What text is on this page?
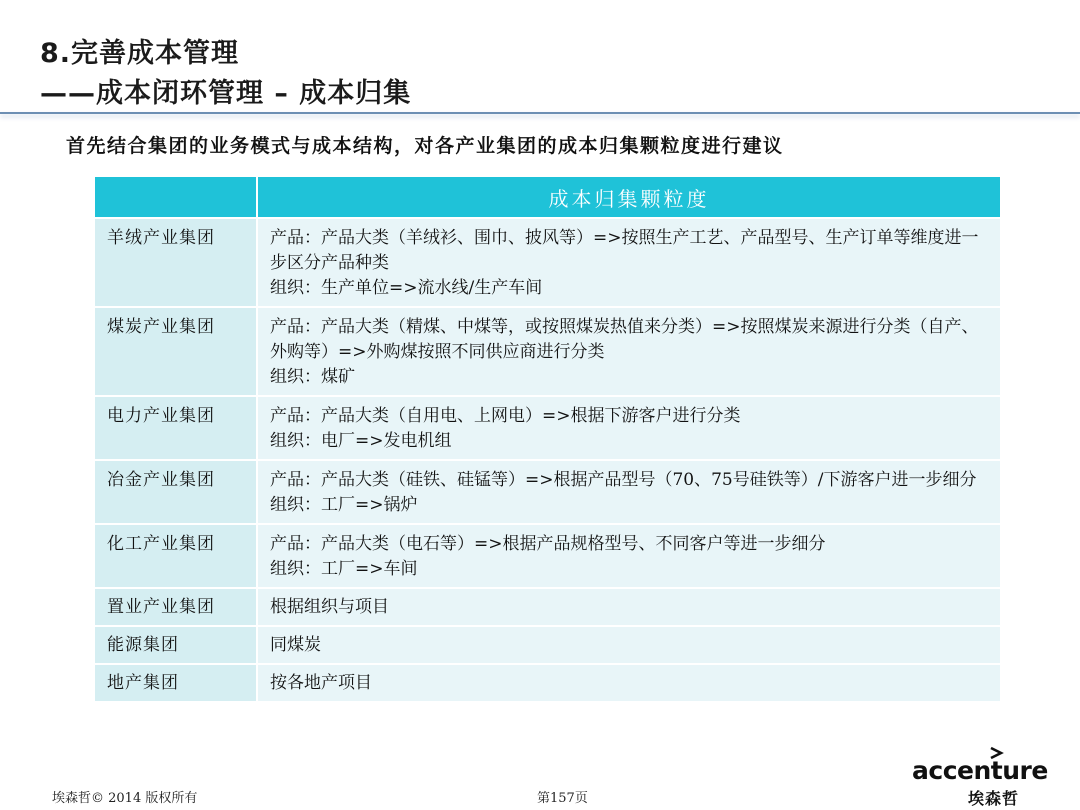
8.完善成本管理
——成本闭环管理 – 成本归集
首先结合集团的业务模式与成本结构，对各产业集团的成本归集颗粒度进行建议
	成本归集颗粒度
羊绒产业集团	产品：产品大类（羊绒衫、围巾、披风等）=>按照生产工艺、产品型号、生产订单等维度进一步区分产品种类
组织：生产单位=>流水线/生产车间

煤炭产业集团	产品：产品大类（精煤、中煤等，或按照煤炭热值来分类）=>按照煤炭来源进行分类（自产、外购等）=>外购煤按照不同供应商进行分类
组织：煤矿

电力产业集团	产品：产品大类（自用电、上网电）=>根据下游客户进行分类
组织：电厂=>发电机组

冶金产业集团	产品：产品大类（硅铁、硅锰等）=>根据产品型号（70、75号硅铁等）/下游客户进一步细分
组织：工厂=>锅炉

化工产业集团	产品：产品大类（电石等）=>根据产品规格型号、不同客户等进一步细分
组织：工厂=>车间

置业产业集团	根据组织与项目

能源集团	同煤炭

地产集团	按各地产项目
埃森哲© 2014 版权所有	第157页
accenture
埃森哲
